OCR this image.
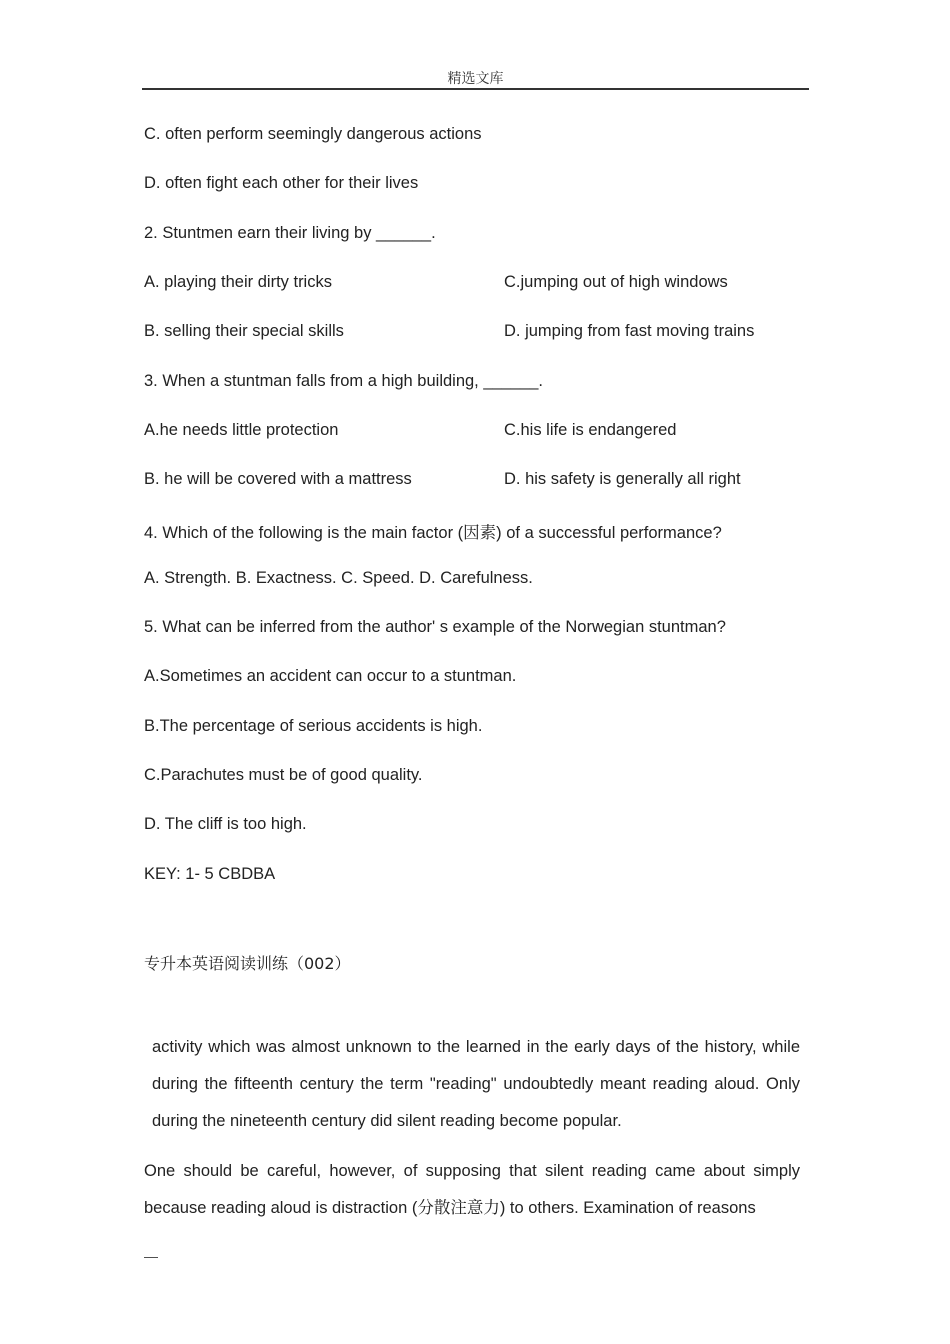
精选文库
C. often perform seemingly dangerous actions
D. often fight each other for their lives
2. Stuntmen earn their living by ______.
A. playing their dirty tricks	C.jumping out of high windows
B. selling their special skills	D. jumping from fast moving trains
3. When a stuntman falls from a high building, ______.
A.he needs little protection	C.his life is endangered
B. he will be covered with a mattress	D. his safety is generally all right
4. Which of the following is the main factor (因素) of a successful performance?
A. Strength. B. Exactness. C. Speed. D. Carefulness.
5. What can be inferred from the author' s example of the Norwegian stuntman?
A.Sometimes an accident can occur to a stuntman.
B.The percentage of serious accidents is high.
C.Parachutes must be of good quality.
D. The cliff is too high.
KEY: 1- 5 CBDBA
专升本英语阅读训练（002）
activity which was almost unknown to the learned in the early days of the history, while during the fifteenth century the term "reading" undoubtedly meant reading aloud. Only during the nineteenth century did silent reading become popular.
One should be careful, however, of supposing that silent reading came about simply because reading aloud is distraction (分散注意力) to others. Examination of reasons
—
